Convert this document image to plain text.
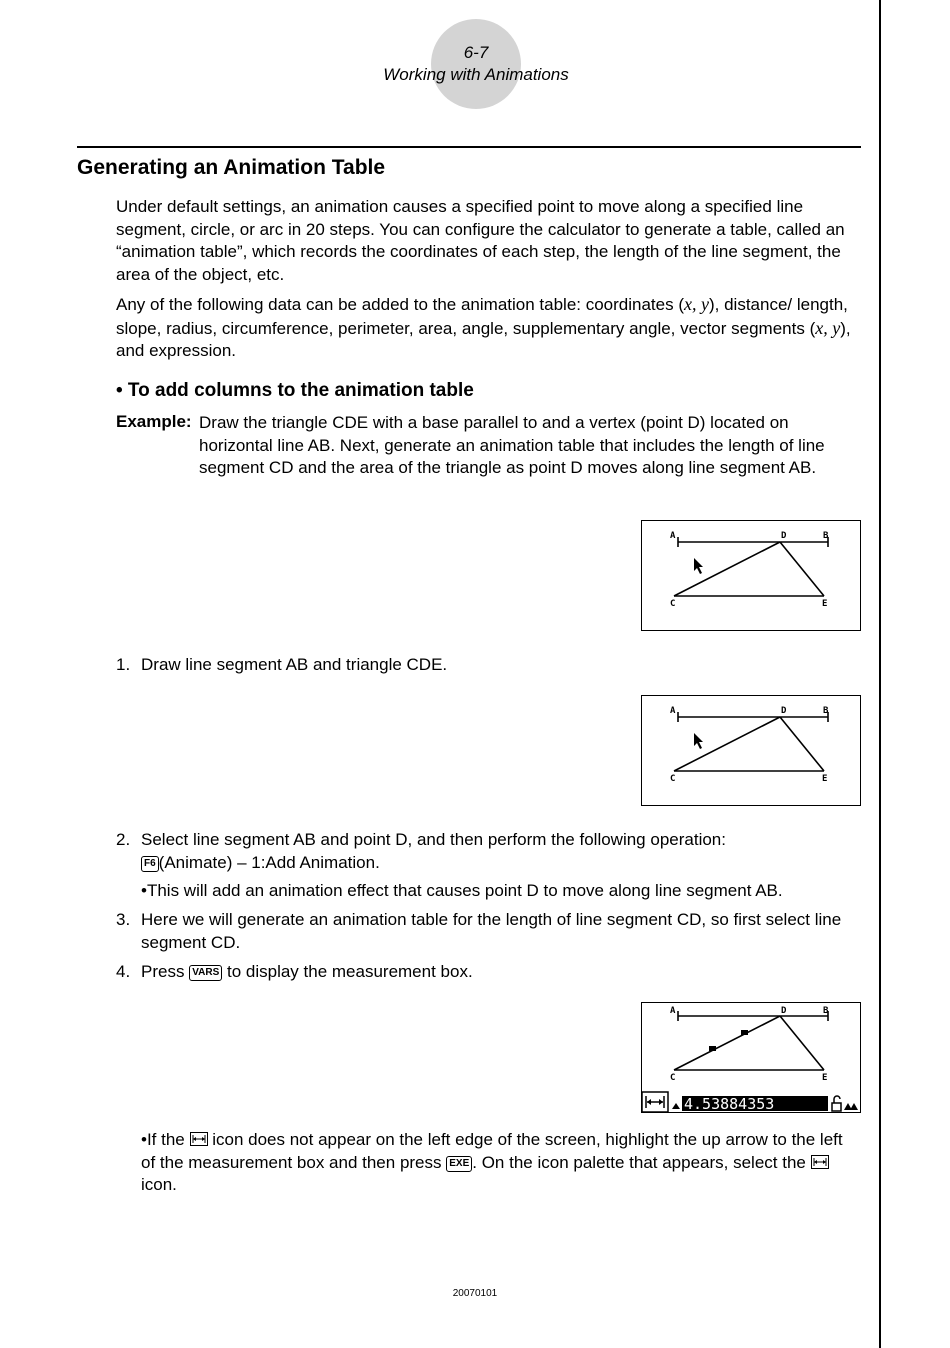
6-7
Working with Animations
Generating an Animation Table

Under default settings, an animation causes a specified point to move along a specified line segment, circle, or arc in 20 steps. You can configure the calculator to generate a table, called an “animation table”, which records the coordinates of each step, the length of the line segment, the area of the object, etc.

Any of the following data can be added to the animation table: coordinates (x, y), distance/ length, slope, radius, circumference, perimeter, area, angle, supplementary angle, vector segments (x, y), and expression.

• To add columns to the animation table
Example: Draw the triangle CDE with a base parallel to and a vertex (point D) located on horizontal line AB. Next, generate an animation table that includes the length of line segment CD and the area of the triangle as point D moves along line segment AB.
A	D	B
C	E
1. Draw line segment AB and triangle CDE.
A	D	B
C	E
2. Select line segment AB and point D, and then perform the following operation:
F6 (Animate) – 1:Add Animation.
•This will add an animation effect that causes point D to move along line segment AB.
3. Here we will generate an animation table for the length of line segment CD, so first select line segment CD.
4. Press VARS to display the measurement box.
A	D	B
C	E
4.53884353
•If the icon does not appear on the left edge of the screen, highlight the up arrow to the left of the measurement box and then press EXE . On the icon palette that appears, select the  icon.
20070101
